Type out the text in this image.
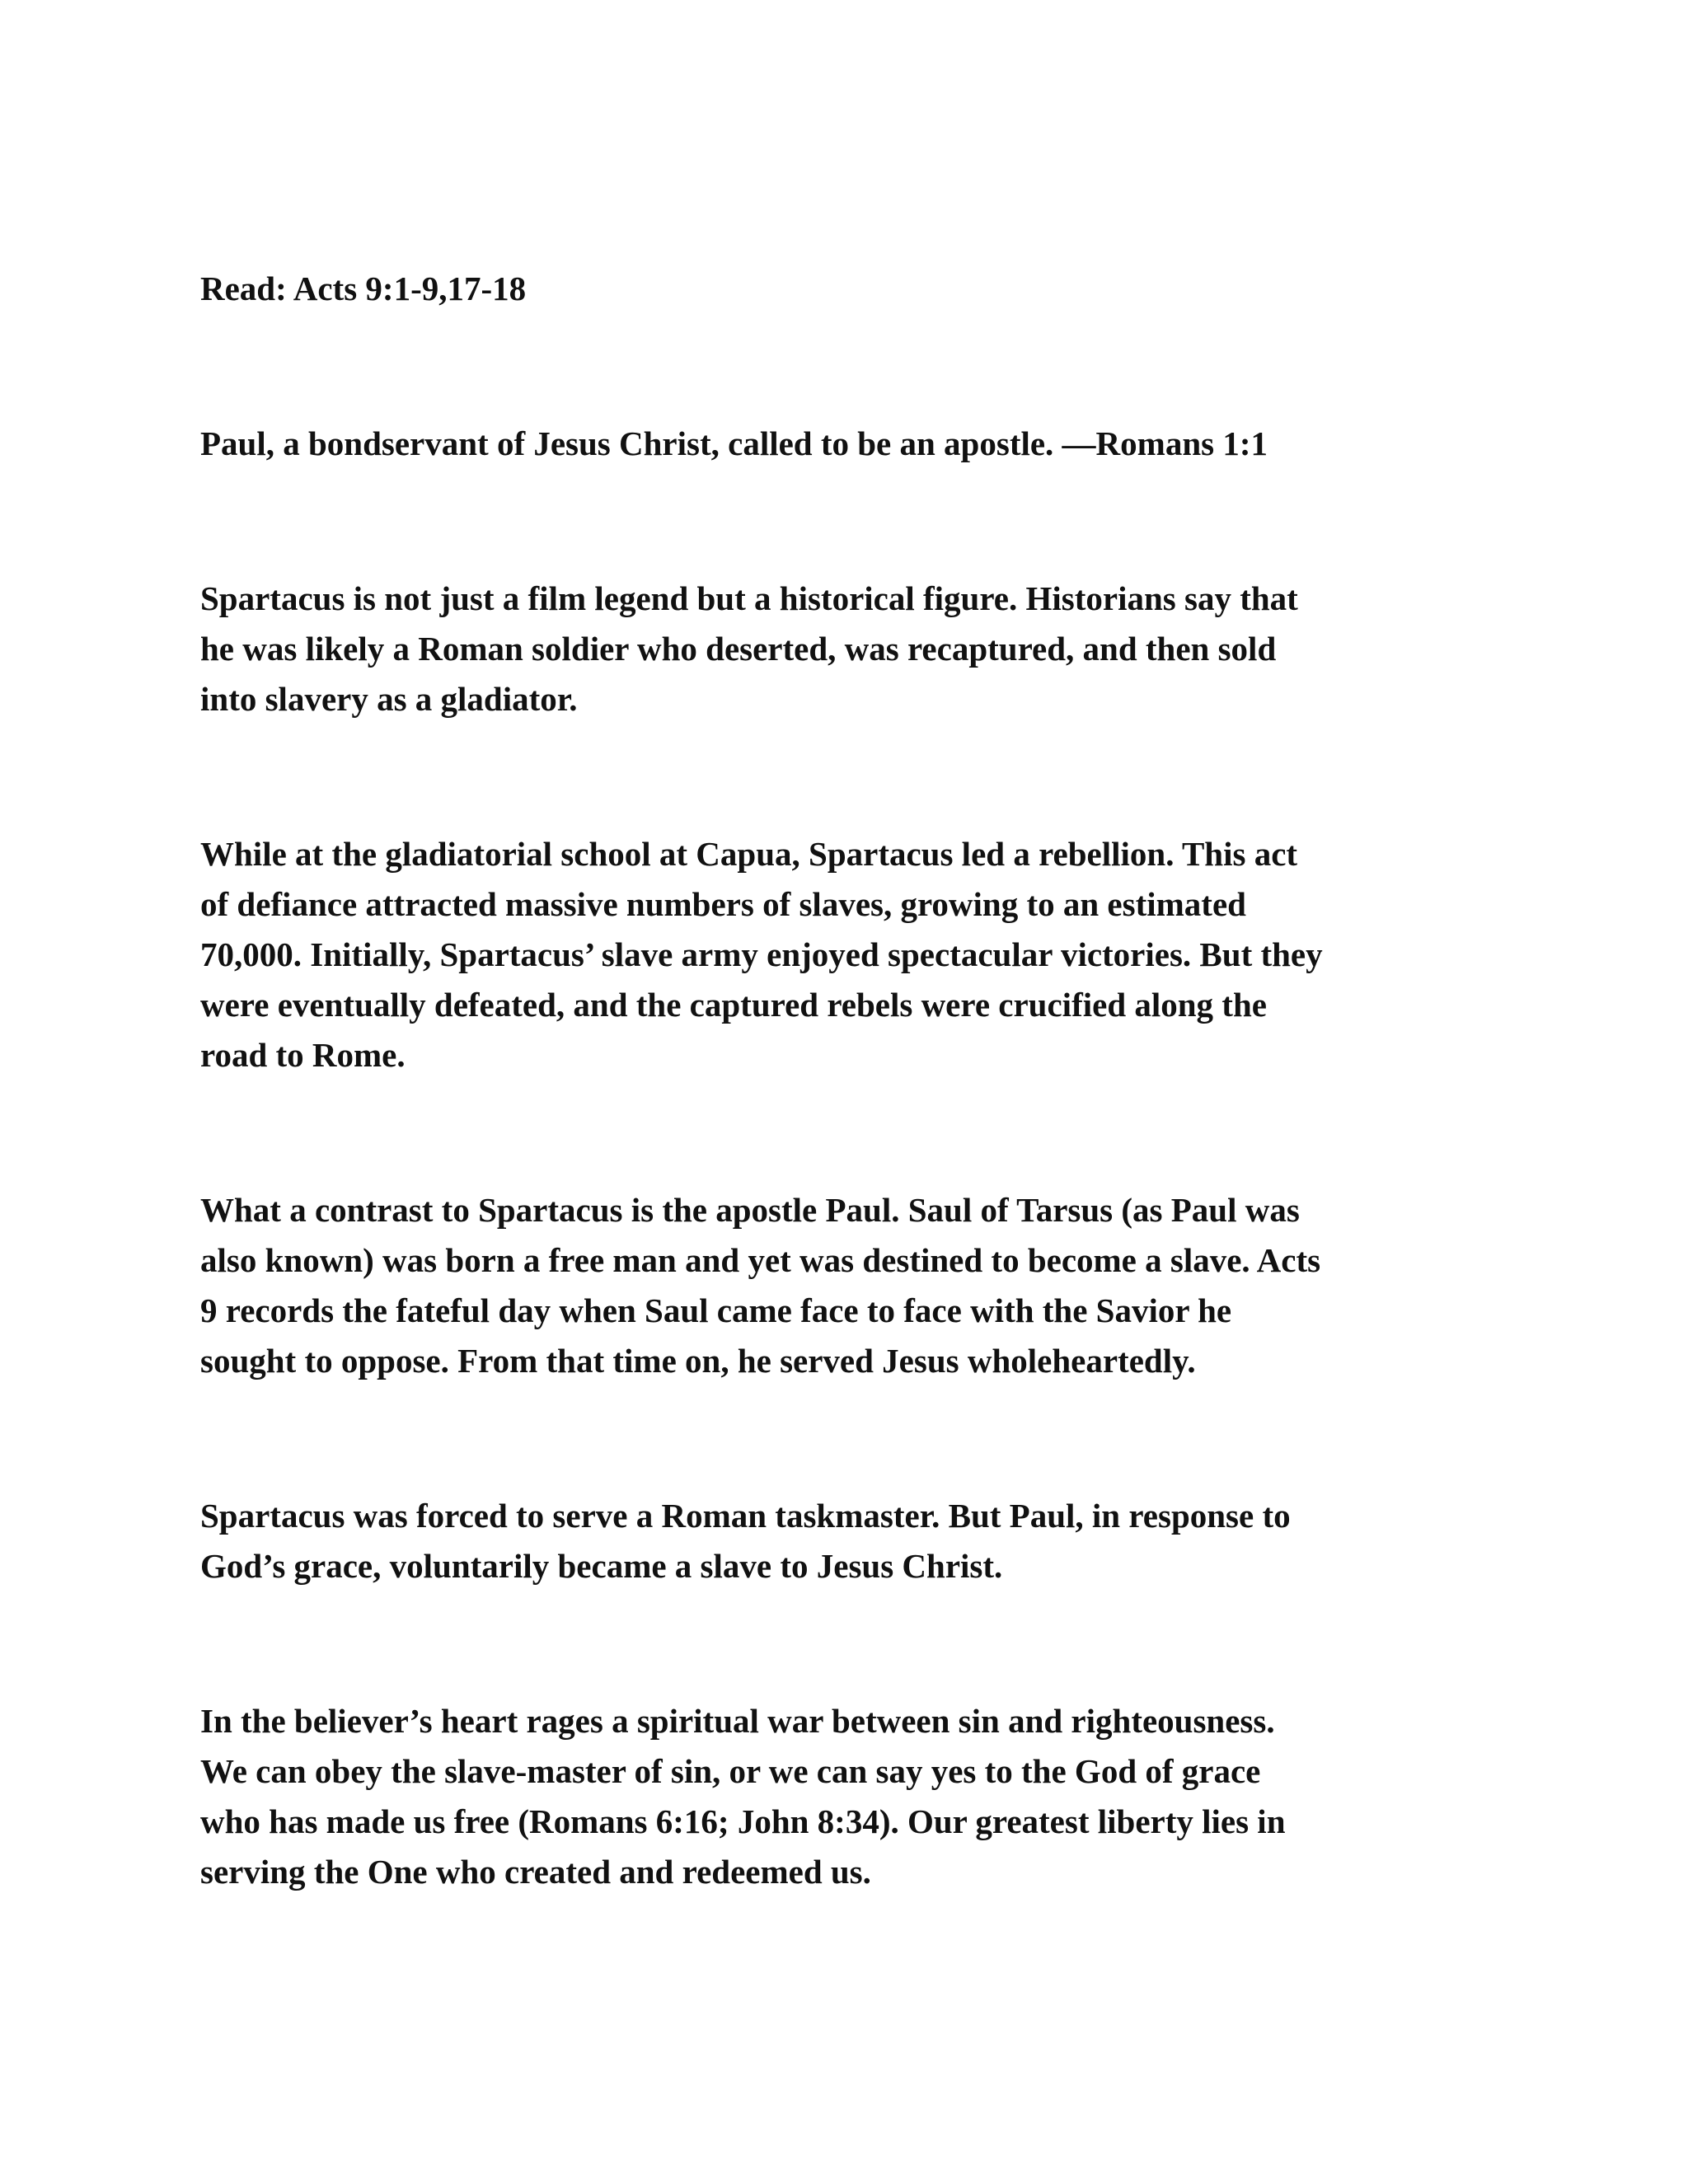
Read: Acts 9:1-9,17-18

Paul, a bondservant of Jesus Christ, called to be an apostle. —Romans 1:1

Spartacus is not just a film legend but a historical figure. Historians say that
he was likely a Roman soldier who deserted, was recaptured, and then sold
into slavery as a gladiator.

While at the gladiatorial school at Capua, Spartacus led a rebellion. This act
of defiance attracted massive numbers of slaves, growing to an estimated
70,000. Initially, Spartacus’ slave army enjoyed spectacular victories. But they
were eventually defeated, and the captured rebels were crucified along the
road to Rome.

What a contrast to Spartacus is the apostle Paul. Saul of Tarsus (as Paul was
also known) was born a free man and yet was destined to become a slave. Acts
9 records the fateful day when Saul came face to face with the Savior he
sought to oppose. From that time on, he served Jesus wholeheartedly.

Spartacus was forced to serve a Roman taskmaster. But Paul, in response to
God’s grace, voluntarily became a slave to Jesus Christ.

In the believer’s heart rages a spiritual war between sin and righteousness.
We can obey the slave-master of sin, or we can say yes to the God of grace
who has made us free (Romans 6:16; John 8:34). Our greatest liberty lies in
serving the One who created and redeemed us.
